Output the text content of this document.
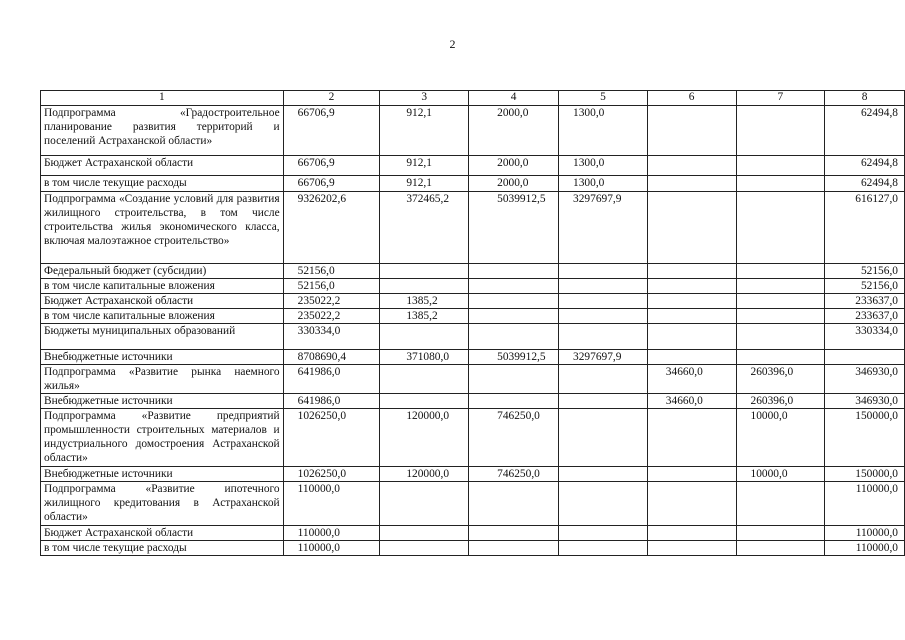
2
1	2	3	4	5	6	7	8
Подпрограмма «Градостроительное планирование развития территорий и поселений Астраханской области»	66706,9	912,1	2000,0	1300,0			62494,8
Бюджет Астраханской области	66706,9	912,1	2000,0	1300,0			62494,8
в том числе текущие расходы	66706,9	912,1	2000,0	1300,0			62494,8
Подпрограмма «Создание условий для развития жилищного строительства, в том числе строительства жилья экономического класса, включая малоэтажное строительство»	9326202,6	372465,2	5039912,5	3297697,9			616127,0
Федеральный бюджет (субсидии)	52156,0						52156,0
в том числе капитальные вложения	52156,0						52156,0
Бюджет Астраханской области	235022,2	1385,2					233637,0
в том числе капитальные вложения	235022,2	1385,2					233637,0
Бюджеты муниципальных образований	330334,0						330334,0
Внебюджетные источники	8708690,4	371080,0	5039912,5	3297697,9			
Подпрограмма «Развитие рынка наемного жилья»	641986,0				34660,0	260396,0	346930,0
Внебюджетные источники	641986,0				34660,0	260396,0	346930,0
Подпрограмма «Развитие предприятий промышленности строительных материалов и индустриального домостроения Астраханской области»	1026250,0	120000,0	746250,0			10000,0	150000,0
Внебюджетные источники	1026250,0	120000,0	746250,0			10000,0	150000,0
Подпрограмма «Развитие ипотечного жилищного кредитования в Астраханской области»	110000,0						110000,0
Бюджет Астраханской области	110000,0						110000,0
в том числе текущие расходы	110000,0						110000,0
